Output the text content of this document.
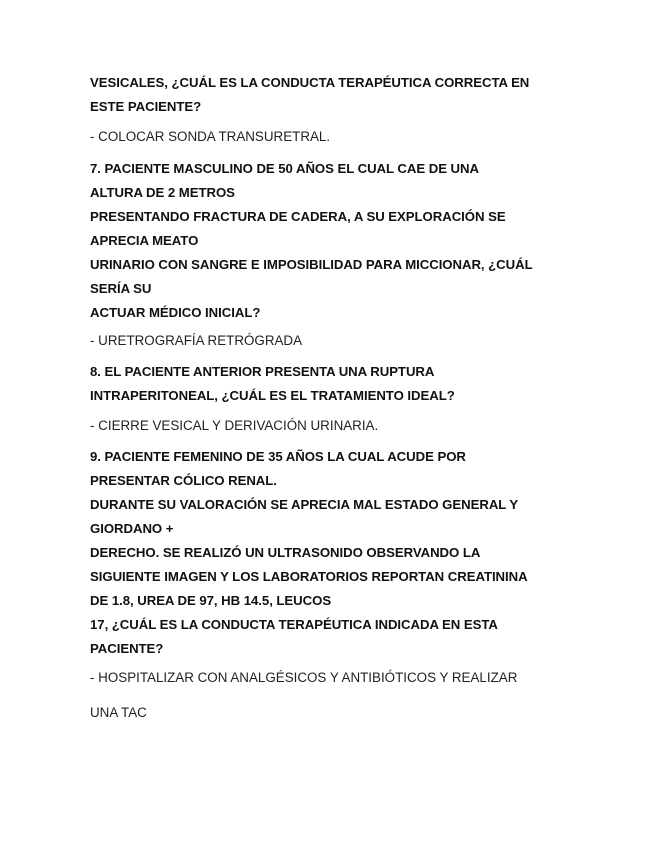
VESICALES, ¿CUÁL ES LA CONDUCTA TERAPÉUTICA CORRECTA EN
ESTE PACIENTE?
- COLOCAR SONDA TRANSURETRAL.
7. PACIENTE MASCULINO DE 50 AÑOS EL CUAL CAE DE UNA
ALTURA DE 2 METROS
PRESENTANDO FRACTURA DE CADERA, A SU EXPLORACIÓN SE
APRECIA MEATO
URINARIO CON SANGRE E IMPOSIBILIDAD PARA MICCIONAR, ¿CUÁL
SERÍA SU
ACTUAR MÉDICO INICIAL?
- URETROGRAFÍA RETRÓGRADA
8. EL PACIENTE ANTERIOR PRESENTA UNA RUPTURA
INTRAPERITONEAL, ¿CUÁL ES EL TRATAMIENTO IDEAL?
- CIERRE VESICAL Y DERIVACIÓN URINARIA.
9. PACIENTE FEMENINO DE 35 AÑOS LA CUAL ACUDE POR
PRESENTAR CÓLICO RENAL.
DURANTE SU VALORACIÓN SE APRECIA MAL ESTADO GENERAL Y
GIORDANO +
DERECHO. SE REALIZÓ UN ULTRASONIDO OBSERVANDO LA
SIGUIENTE IMAGEN Y LOS LABORATORIOS REPORTAN CREATININA
DE 1.8, UREA DE 97, HB 14.5, LEUCOS
17, ¿CUÁL ES LA CONDUCTA TERAPÉUTICA INDICADA EN ESTA
PACIENTE?
- HOSPITALIZAR CON ANALGÉSICOS Y ANTIBIÓTICOS Y REALIZAR
UNA TAC
